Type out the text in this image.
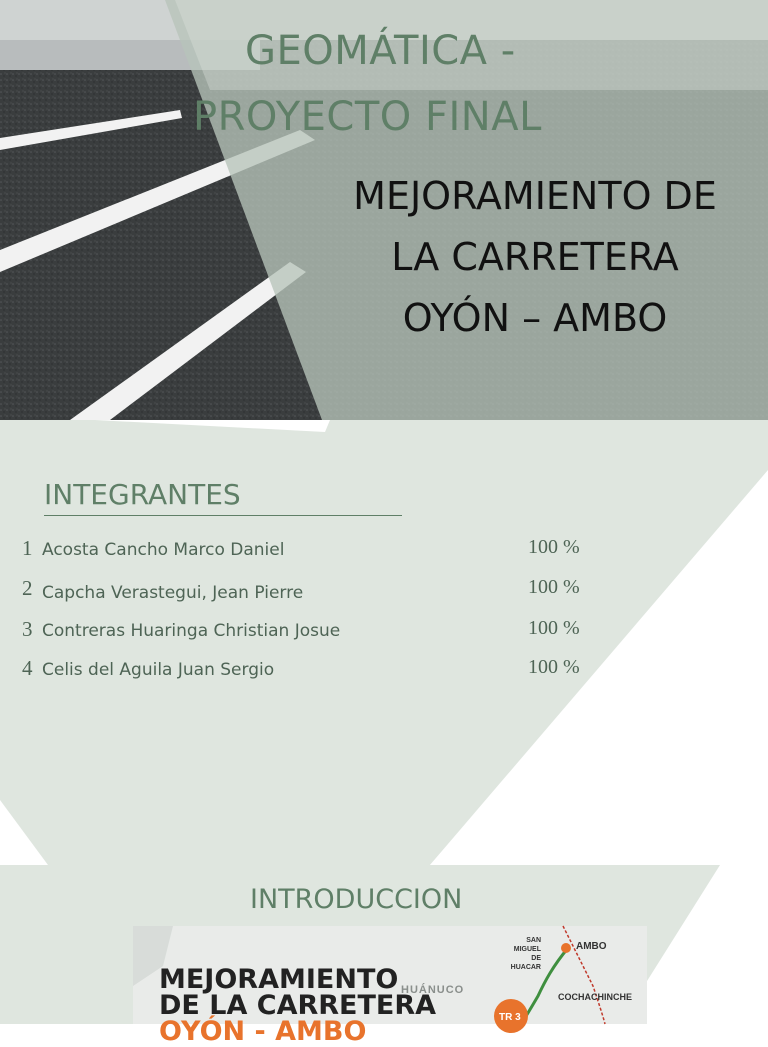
GEOMÁTICA -
PROYECTO FINAL
MEJORAMIENTO DE
LA CARRETERA
OYÓN – AMBO
INTEGRANTES
1 Acosta Cancho Marco Daniel	100 %
2 Capcha Verastegui, Jean Pierre	100 %
3 Contreras Huaringa Christian Josue	100 %
4 Celis del Aguila Juan Sergio	100 %
INTRODUCCION
MEJORAMIENTO
DE LA CARRETERA
OYÓN - AMBO
HUÁNUCO
SAN
MIGUEL DE
HUACAR
AMBO
COCHACHINCHE
TR 3
